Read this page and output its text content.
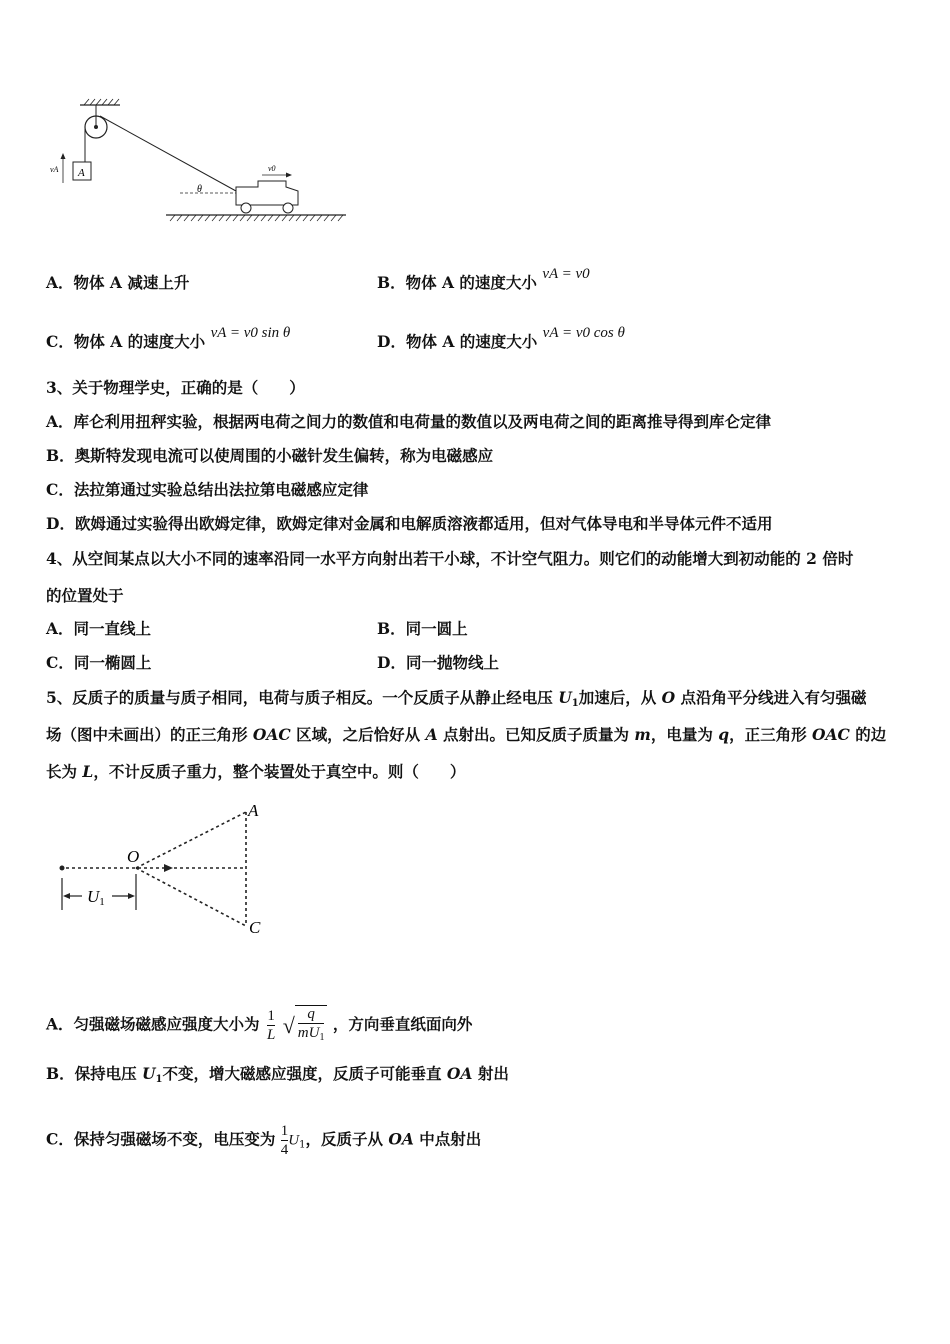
A
vA
θ
v0
A．物体 A 减速上升	B．物体 A 的速度大小 vA = v0
C．物体 A 的速度大小 vA = v0 sin θ	D．物体 A 的速度大小 vA = v0 cos θ
3、关于物理学史，正确的是（　　）
A．库仑利用扭秤实验，根据两电荷之间力的数值和电荷量的数值以及两电荷之间的距离推导得到库仑定律
B．奥斯特发现电流可以使周围的小磁针发生偏转，称为电磁感应
C．法拉第通过实验总结出法拉第电磁感应定律
D．欧姆通过实验得出欧姆定律，欧姆定律对金属和电解质溶液都适用，但对气体导电和半导体元件不适用
4、从空间某点以大小不同的速率沿同一水平方向射出若干小球，不计空气阻力。则它们的动能增大到初动能的 2 倍时
的位置处于
A．同一直线上	B．同一圆上
C．同一椭圆上	D．同一抛物线上
5、反质子的质量与质子相同，电荷与质子相反。一个反质子从静止经电压 $U_1$加速后，从 O 点沿角平分线进入有匀强磁
场（图中未画出）的正三角形 OAC 区域，之后恰好从 A 点射出。已知反质子质量为 m，电量为 q，正三角形 OAC 的边
长为 L，不计反质子重力，整个装置处于真空中。则（　　）
A
O
C
U1
A．匀强磁场磁感应强度大小为 $\frac{1}{L}$ √ $\frac{q}{mU_1}$ ，方向垂直纸面向外
B．保持电压 $U_1$不变，增大磁感应强度，反质子可能垂直 OA 射出
C．保持匀强磁场不变，电压变为 $\frac{1}{4} U_1$，反质子从 OA 中点射出
